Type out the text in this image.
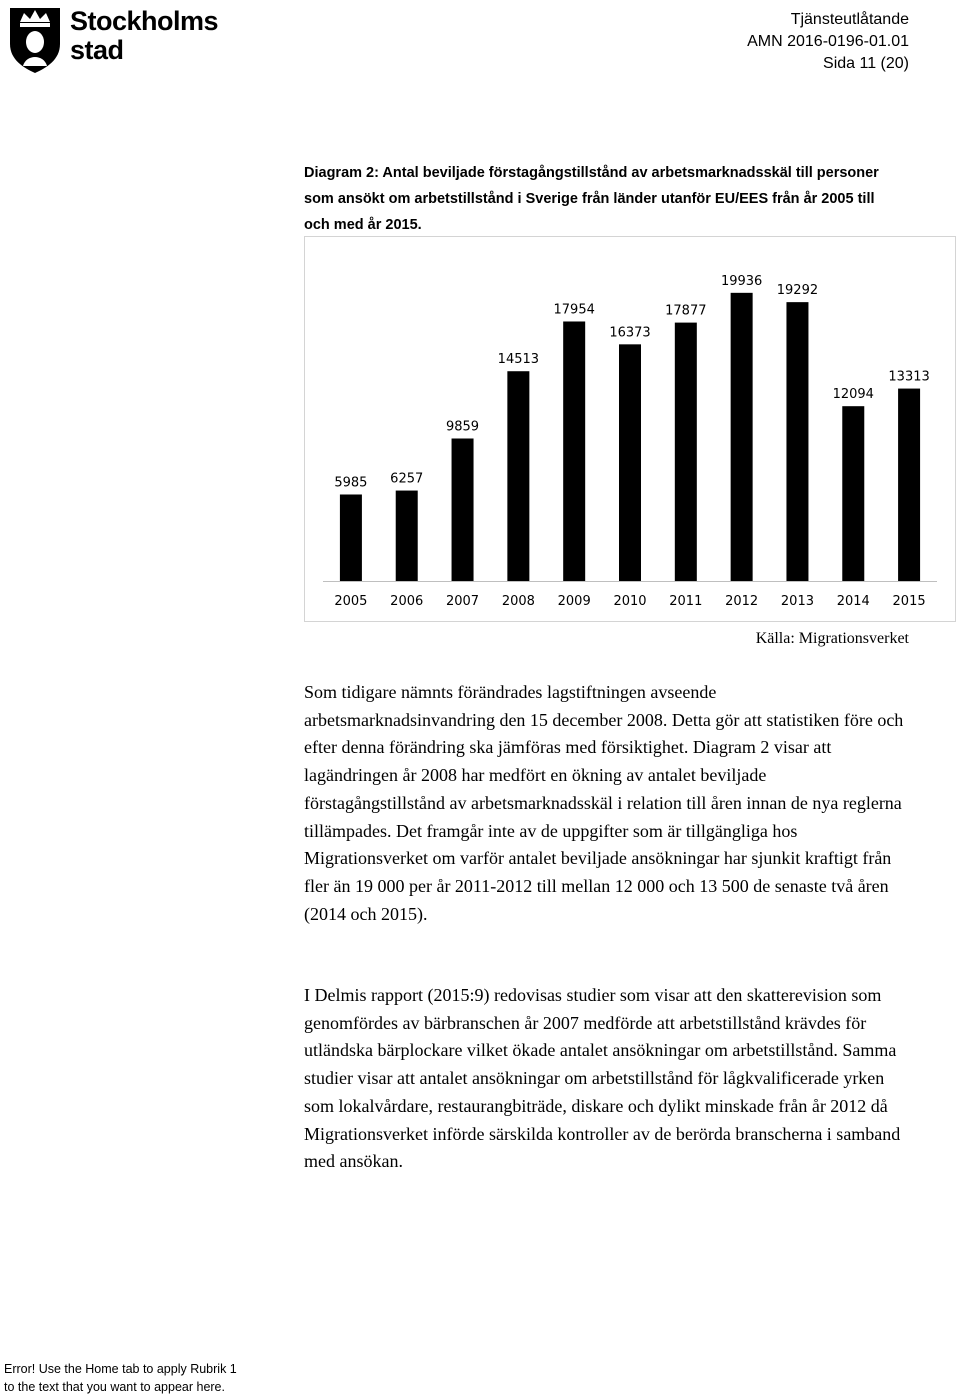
Stockholms
stad
Tjänsteutlåtande
AMN 2016-0196-01.01
Sida 11 (20)
Diagram 2: Antal beviljade förstagångstillstånd av arbetsmarknadsskäl till personer som ansökt om arbetstillstånd i Sverige från länder utanför EU/EES från år 2005 till och med år 2015.
5985
2005
6257
2006
9859
2007
14513
2008
17954
2009
16373
2010
17877
2011
19936
2012
19292
2013
12094
2014
13313
2015
Källa: Migrationsverket

Som tidigare nämnts förändrades lagstiftningen avseende arbetsmarknadsinvandring den 15 december 2008. Detta gör att statistiken före och efter denna förändring ska jämföras med försiktighet. Diagram 2 visar att lagändringen år 2008 har medfört en ökning av antalet beviljade förstagångstillstånd av arbetsmarknadsskäl i relation till åren innan de nya reglerna tillämpades. Det framgår inte av de uppgifter som är tillgängliga hos Migrationsverket om varför antalet beviljade ansökningar har sjunkit kraftigt från fler än 19 000 per år 2011-2012 till mellan 12 000 och 13 500 de senaste två åren (2014 och 2015).

I Delmis rapport (2015:9) redovisas studier som visar att den skatterevision som genomfördes av bärbranschen år 2007 medförde att arbetstillstånd krävdes för utländska bärplockare vilket ökade antalet ansökningar om arbetstillstånd. Samma studier visar att antalet ansökningar om arbetstillstånd för lågkvalificerade yrken som lokalvårdare, restaurangbiträde, diskare och dylikt minskade från år 2012 då Migrationsverket införde särskilda kontroller av de berörda branscherna i samband med ansökan.

Error! Use the Home tab to apply Rubrik 1
to the text that you want to appear here.
